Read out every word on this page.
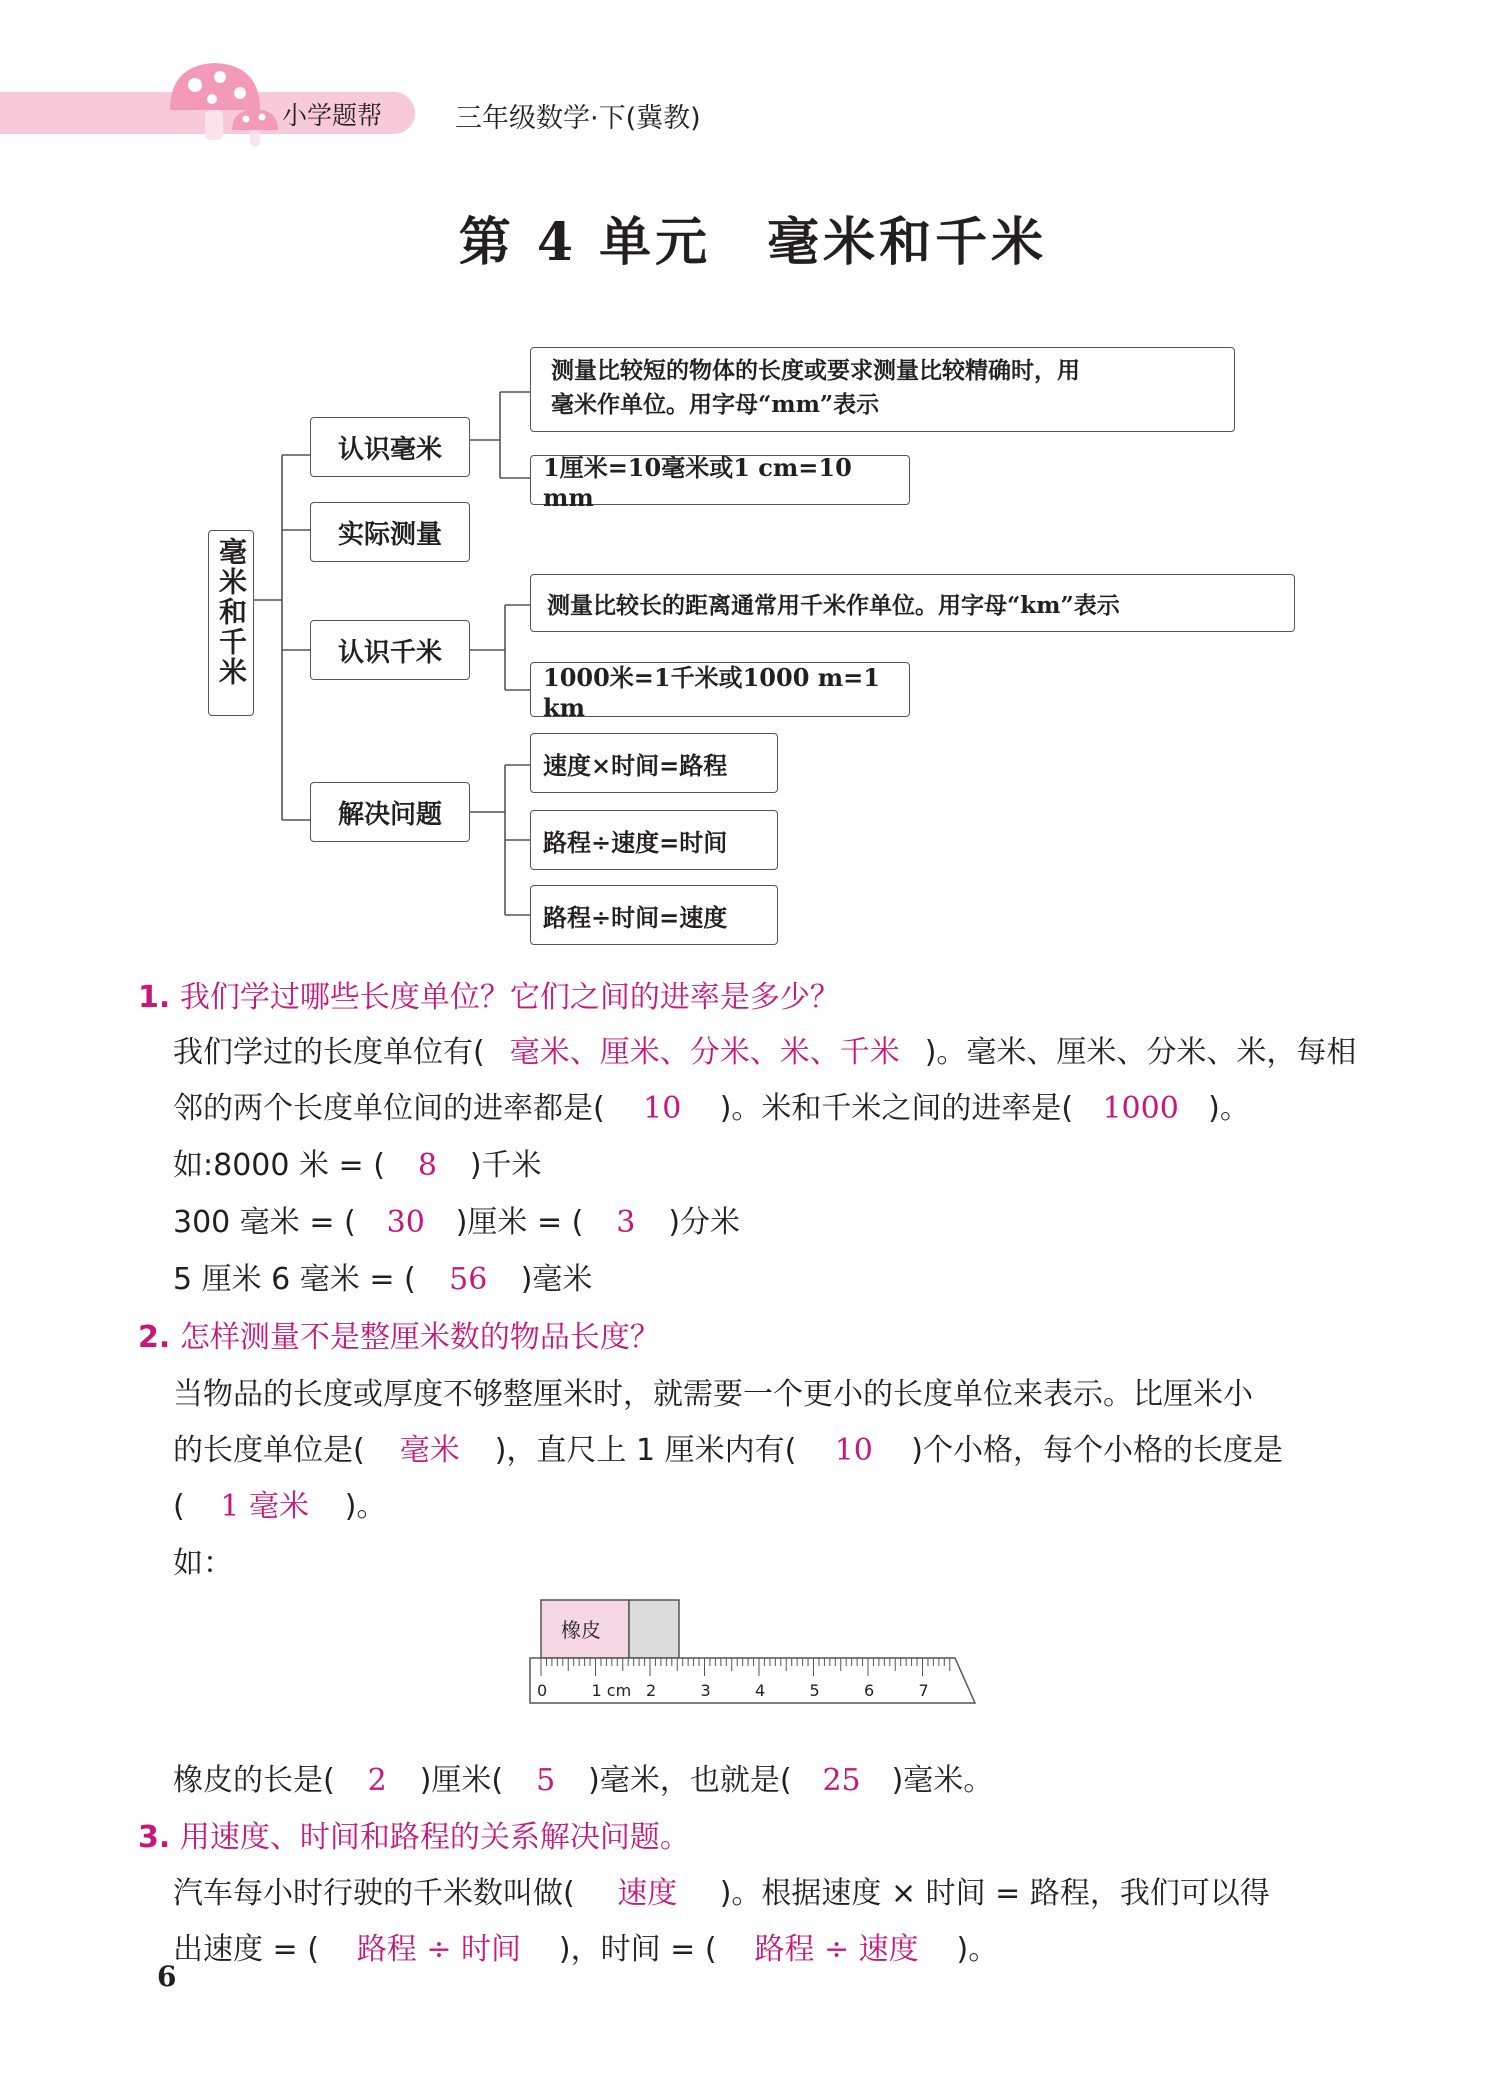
小学题帮	三年级数学·下(冀教)
第 4 单元　毫米和千米
毫米和千米
认识毫米
实际测量
认识千米
解决问题
测量比较短的物体的长度或要求测量比较精确时，用
毫米作单位。用字母“mm”表示
1厘米=10毫米或1 cm=10 mm
测量比较长的距离通常用千米作单位。用字母“km”表示
1000米=1千米或1000 m=1 km
速度×时间=路程
路程÷速度=时间
路程÷时间=速度
1. 我们学过哪些长度单位？它们之间的进率是多少？
我们学过的长度单位有( 毫米、厘米、分米、米、千米 )。毫米、厘米、分米、米，每相
邻的两个长度单位间的进率都是( 10 )。米和千米之间的进率是( 1000 )。
如:8000 米 = ( 8 )千米
300 毫米 = ( 30 )厘米 = ( 3 )分米
5 厘米 6 毫米 = ( 56 )毫米
2. 怎样测量不是整厘米数的物品长度？
当物品的长度或厚度不够整厘米时，就需要一个更小的长度单位来表示。比厘米小
的长度单位是( 毫米 )，直尺上 1 厘米内有( 10 )个小格，每个小格的长度是
( 1 毫米 )。
如：
橡皮
0	1 cm 2	3	4	5	6	7
橡皮的长是( 2 )厘米( 5 )毫米，也就是( 25 )毫米。
3. 用速度、时间和路程的关系解决问题。
汽车每小时行驶的千米数叫做( 速度 )。根据速度 × 时间 = 路程，我们可以得
出速度 = ( 路程 ÷ 时间 )，时间 = ( 路程 ÷ 速度 )。
6
